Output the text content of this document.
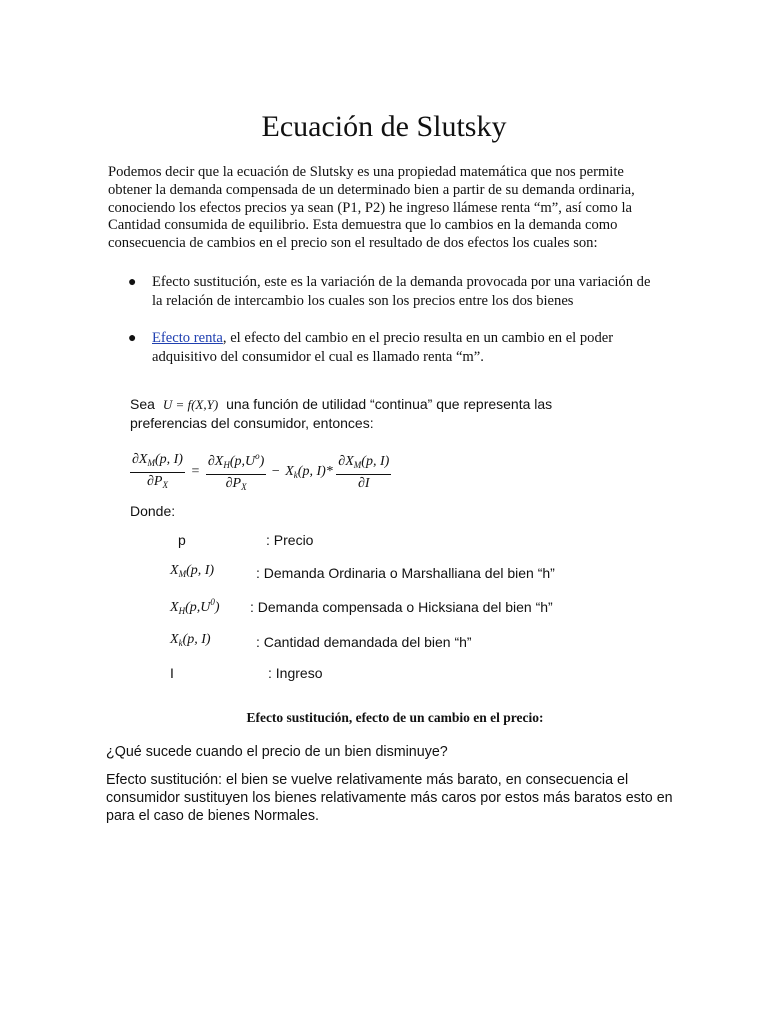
Ecuación de Slutsky

Podemos decir que la ecuación de Slutsky es una propiedad matemática que nos permite obtener la demanda compensada de un determinado bien a partir de su demanda ordinaria, conociendo los efectos precios ya sean (P1, P2) he ingreso llámese renta “m”, así como la Cantidad consumida de equilibrio. Esta demuestra que lo cambios en la demanda como consecuencia de cambios en el precio son el resultado de dos efectos los cuales son:

● Efecto sustitución, este es la variación de la demanda provocada por una variación de la relación de intercambio los cuales son los precios entre los dos bienes
● Efecto renta, el efecto del cambio en el precio resulta en un cambio en el poder adquisitivo del consumidor el cual es llamado renta “m”.
Sea U = f(X,Y) una función de utilidad “continua” que representa las
preferencias del consumidor, entonces:
$\frac{\partial X_M(p, I)}{\partial P_X} = \frac{\partial X_H(p,U^o)}{\partial P_X} - X_k(p$, $I)* \frac{\partial X_M(p, I)}{\partial I}$
Donde:
p	: Precio
$X_M(p$, I)	: Demanda Ordinaria o Marshalliana del bien “h”
$X_H(p,U^0)$ : Demanda compensada o Hicksiana del bien “h”
$X_k(p$, I)	: Cantidad demandada del bien “h”
I	: Ingreso

Efecto sustitución, efecto de un cambio en el precio:

¿Qué sucede cuando el precio de un bien disminuye?

Efecto sustitución: el bien se vuelve relativamente más barato, en consecuencia el consumidor sustituyen los bienes relativamente más caros por estos más baratos esto en para el caso de bienes Normales.
